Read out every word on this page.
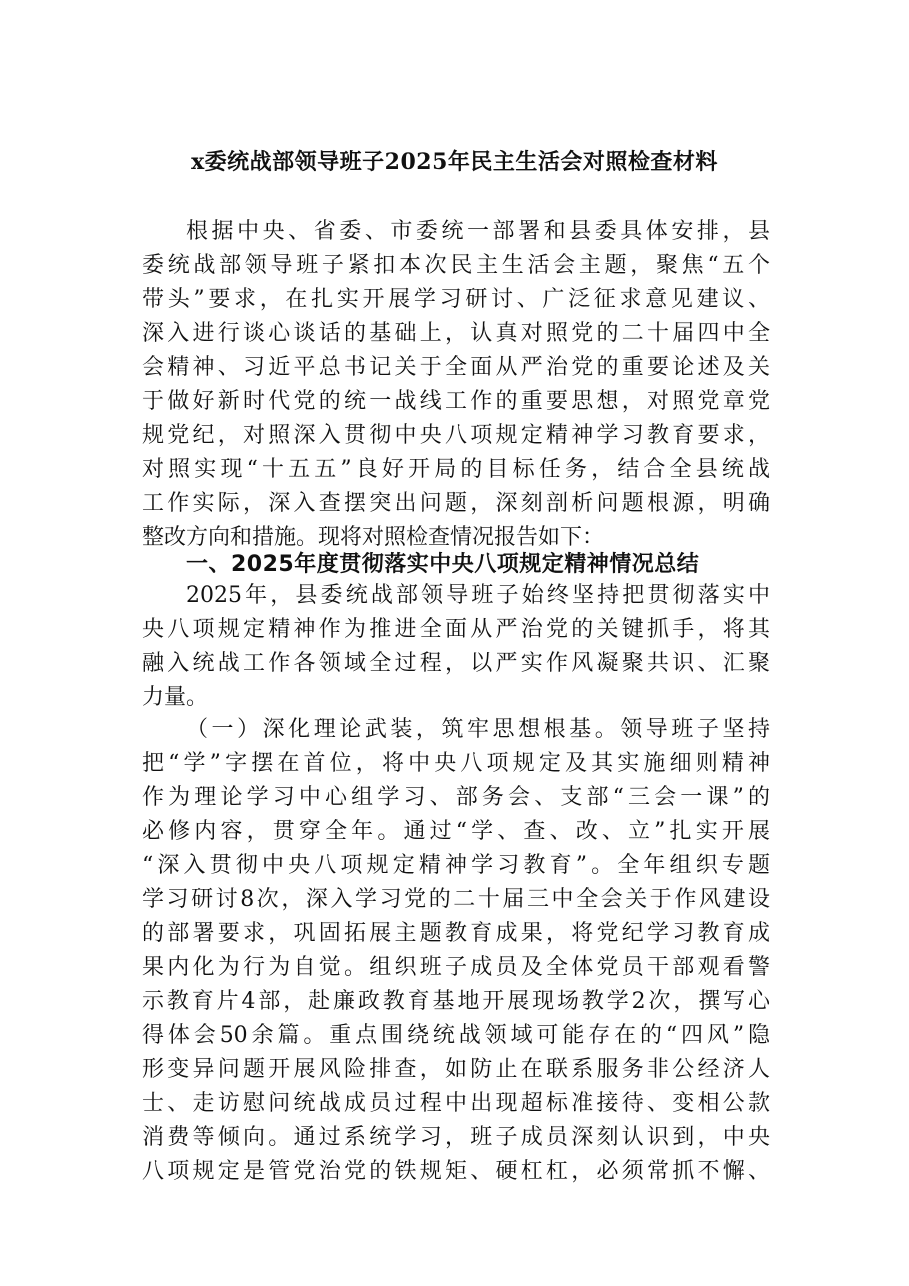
x委统战部领导班子2025年民主生活会对照检查材料
根据中央、省委、市委统一部署和县委具体安排，县
委统战部领导班子紧扣本次民主生活会主题，聚焦“五个
带头”要求，在扎实开展学习研讨、广泛征求意见建议、
深入进行谈心谈话的基础上，认真对照党的二十届四中全
会精神、习近平总书记关于全面从严治党的重要论述及关
于做好新时代党的统一战线工作的重要思想，对照党章党
规党纪，对照深入贯彻中央八项规定精神学习教育要求，
对照实现“十五五”良好开局的目标任务，结合全县统战
工作实际，深入查摆突出问题，深刻剖析问题根源，明确
整改方向和措施。现将对照检查情况报告如下：
一、2025年度贯彻落实中央八项规定精神情况总结
2025年，县委统战部领导班子始终坚持把贯彻落实中
央八项规定精神作为推进全面从严治党的关键抓手，将其
融入统战工作各领域全过程，以严实作风凝聚共识、汇聚
力量。
（一）深化理论武装，筑牢思想根基。领导班子坚持
把“学”字摆在首位，将中央八项规定及其实施细则精神
作为理论学习中心组学习、部务会、支部“三会一课”的
必修内容，贯穿全年。通过“学、查、改、立”扎实开展
“深入贯彻中央八项规定精神学习教育”。全年组织专题
学习研讨8次，深入学习党的二十届三中全会关于作风建设
的部署要求，巩固拓展主题教育成果，将党纪学习教育成
果内化为行为自觉。组织班子成员及全体党员干部观看警
示教育片4部，赴廉政教育基地开展现场教学2次，撰写心
得体会50余篇。重点围绕统战领域可能存在的“四风”隐
形变异问题开展风险排查，如防止在联系服务非公经济人
士、走访慰问统战成员过程中出现超标准接待、变相公款
消费等倾向。通过系统学习，班子成员深刻认识到，中央
八项规定是管党治党的铁规矩、硬杠杠，必须常抓不懈、
